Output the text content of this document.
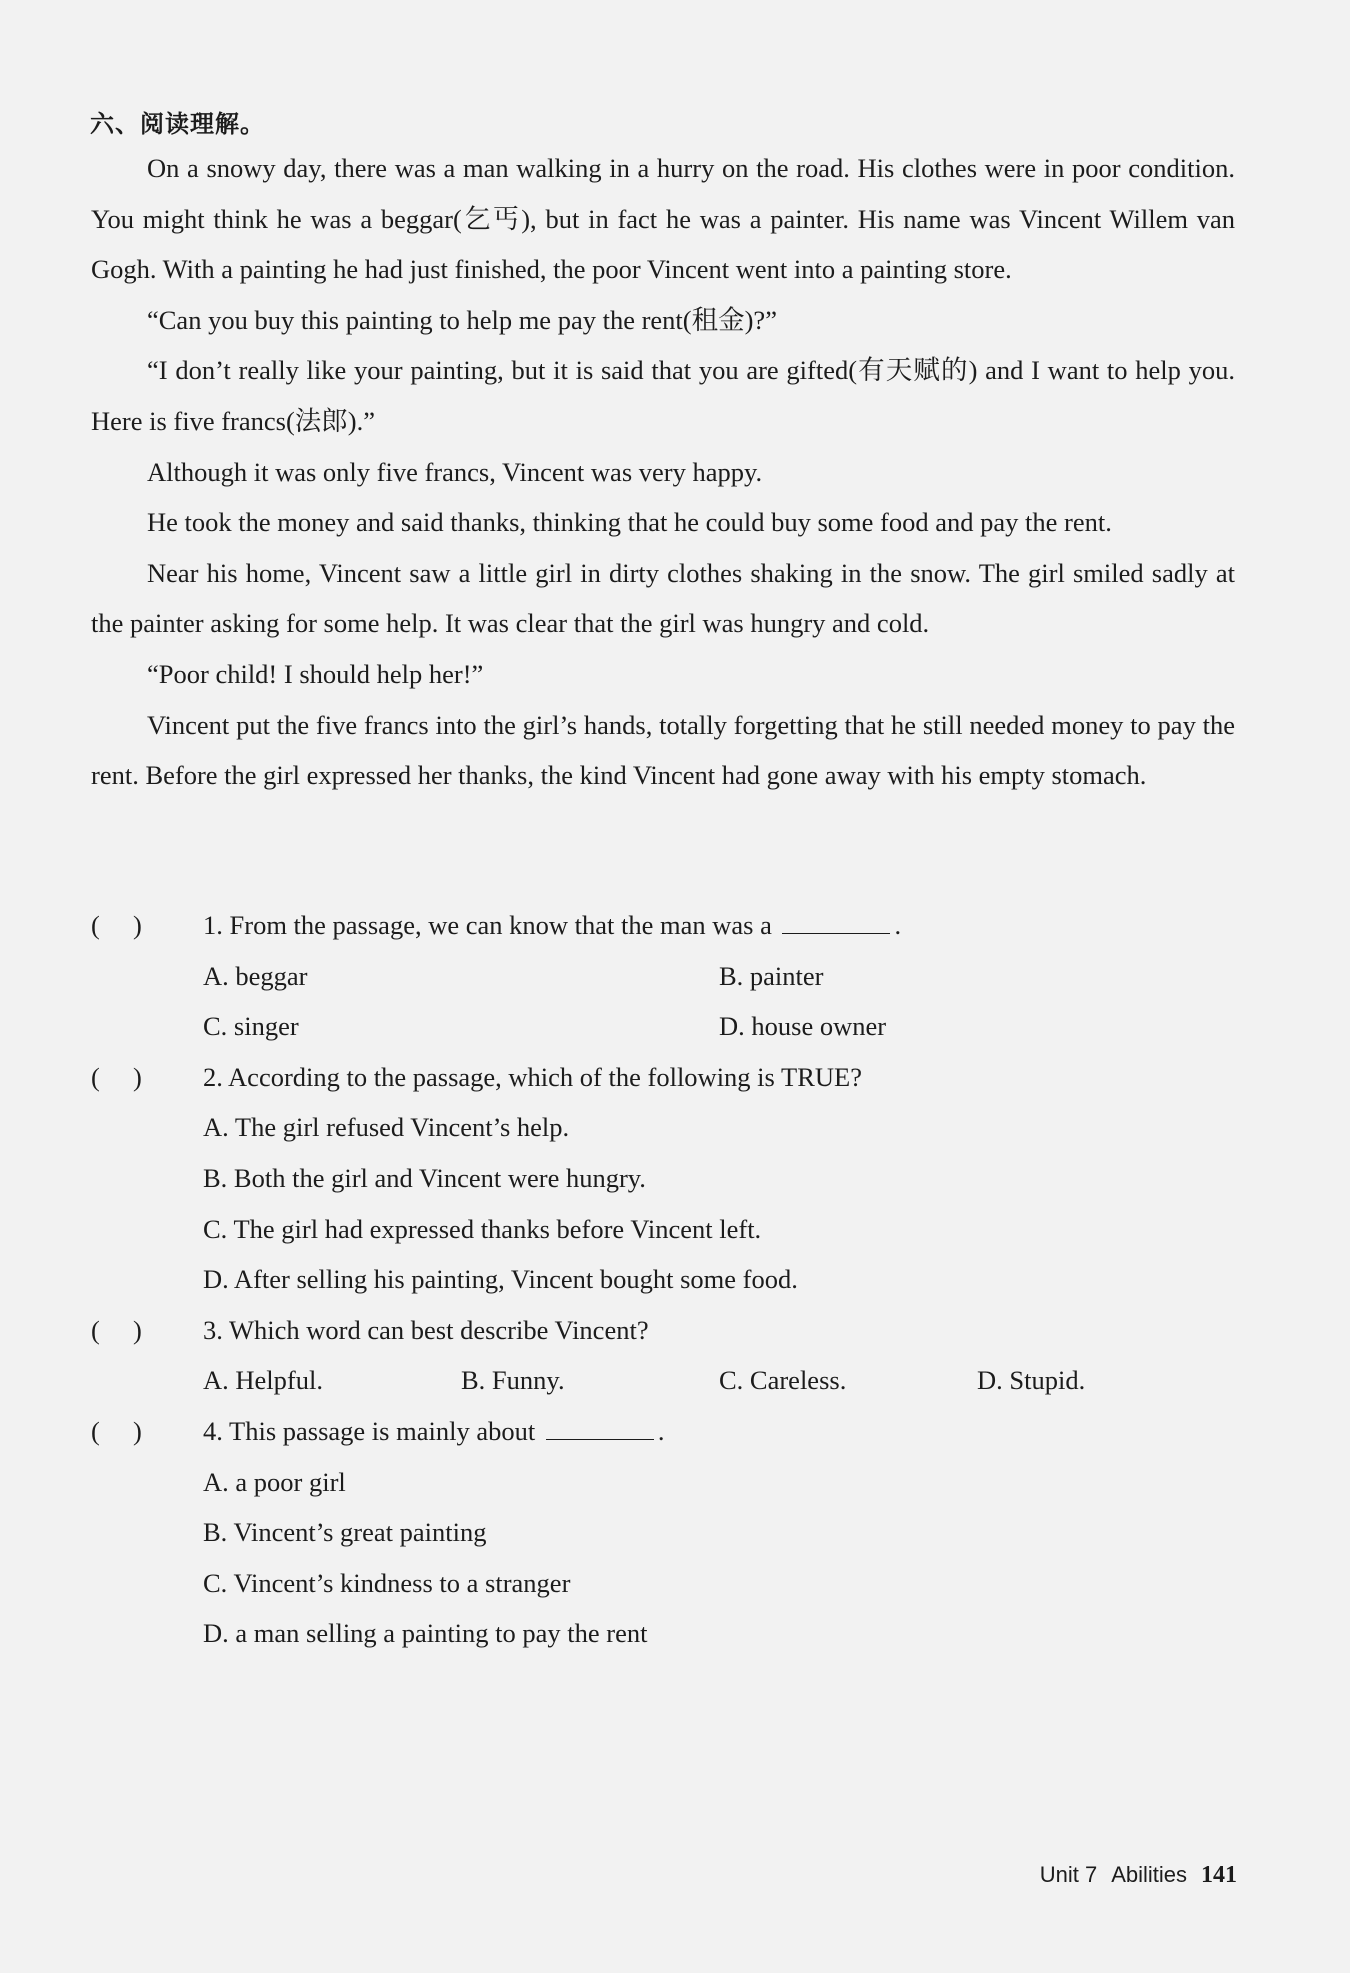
六、阅读理解。

On a snowy day, there was a man walking in a hurry on the road. His clothes were in poor condition. You might think he was a beggar(乞丐), but in fact he was a painter. His name was Vincent Willem van Gogh. With a painting he had just finished, the poor Vincent went into a painting store.

“Can you buy this painting to help me pay the rent(租金)?”

“I don’t really like your painting, but it is said that you are gifted(有天赋的) and I want to help you. Here is five francs(法郎).”

Although it was only five francs, Vincent was very happy.

He took the money and said thanks, thinking that he could buy some food and pay the rent.

Near his home, Vincent saw a little girl in dirty clothes shaking in the snow. The girl smiled sadly at the painter asking for some help. It was clear that the girl was hungry and cold.

“Poor child! I should help her!”

Vincent put the five francs into the girl’s hands, totally forgetting that he still needed money to pay the rent. Before the girl expressed her thanks, the kind Vincent had gone away with his empty stomach.

(     )	1. From the passage, we can know that the man was a	.
A. beggar	B. painter
C. singer	D. house owner
(     )	2. According to the passage, which of the following is TRUE?
A. The girl refused Vincent’s help.
B. Both the girl and Vincent were hungry.
C. The girl had expressed thanks before Vincent left.
D. After selling his painting, Vincent bought some food.
(     )	3. Which word can best describe Vincent?
A. Helpful.	B. Funny.	C. Careless.	D. Stupid.
(     )	4. This passage is mainly about	.
A. a poor girl
B. Vincent’s great painting
C. Vincent’s kindness to a stranger
D. a man selling a painting to pay the rent
Unit 7 Abilities 141
